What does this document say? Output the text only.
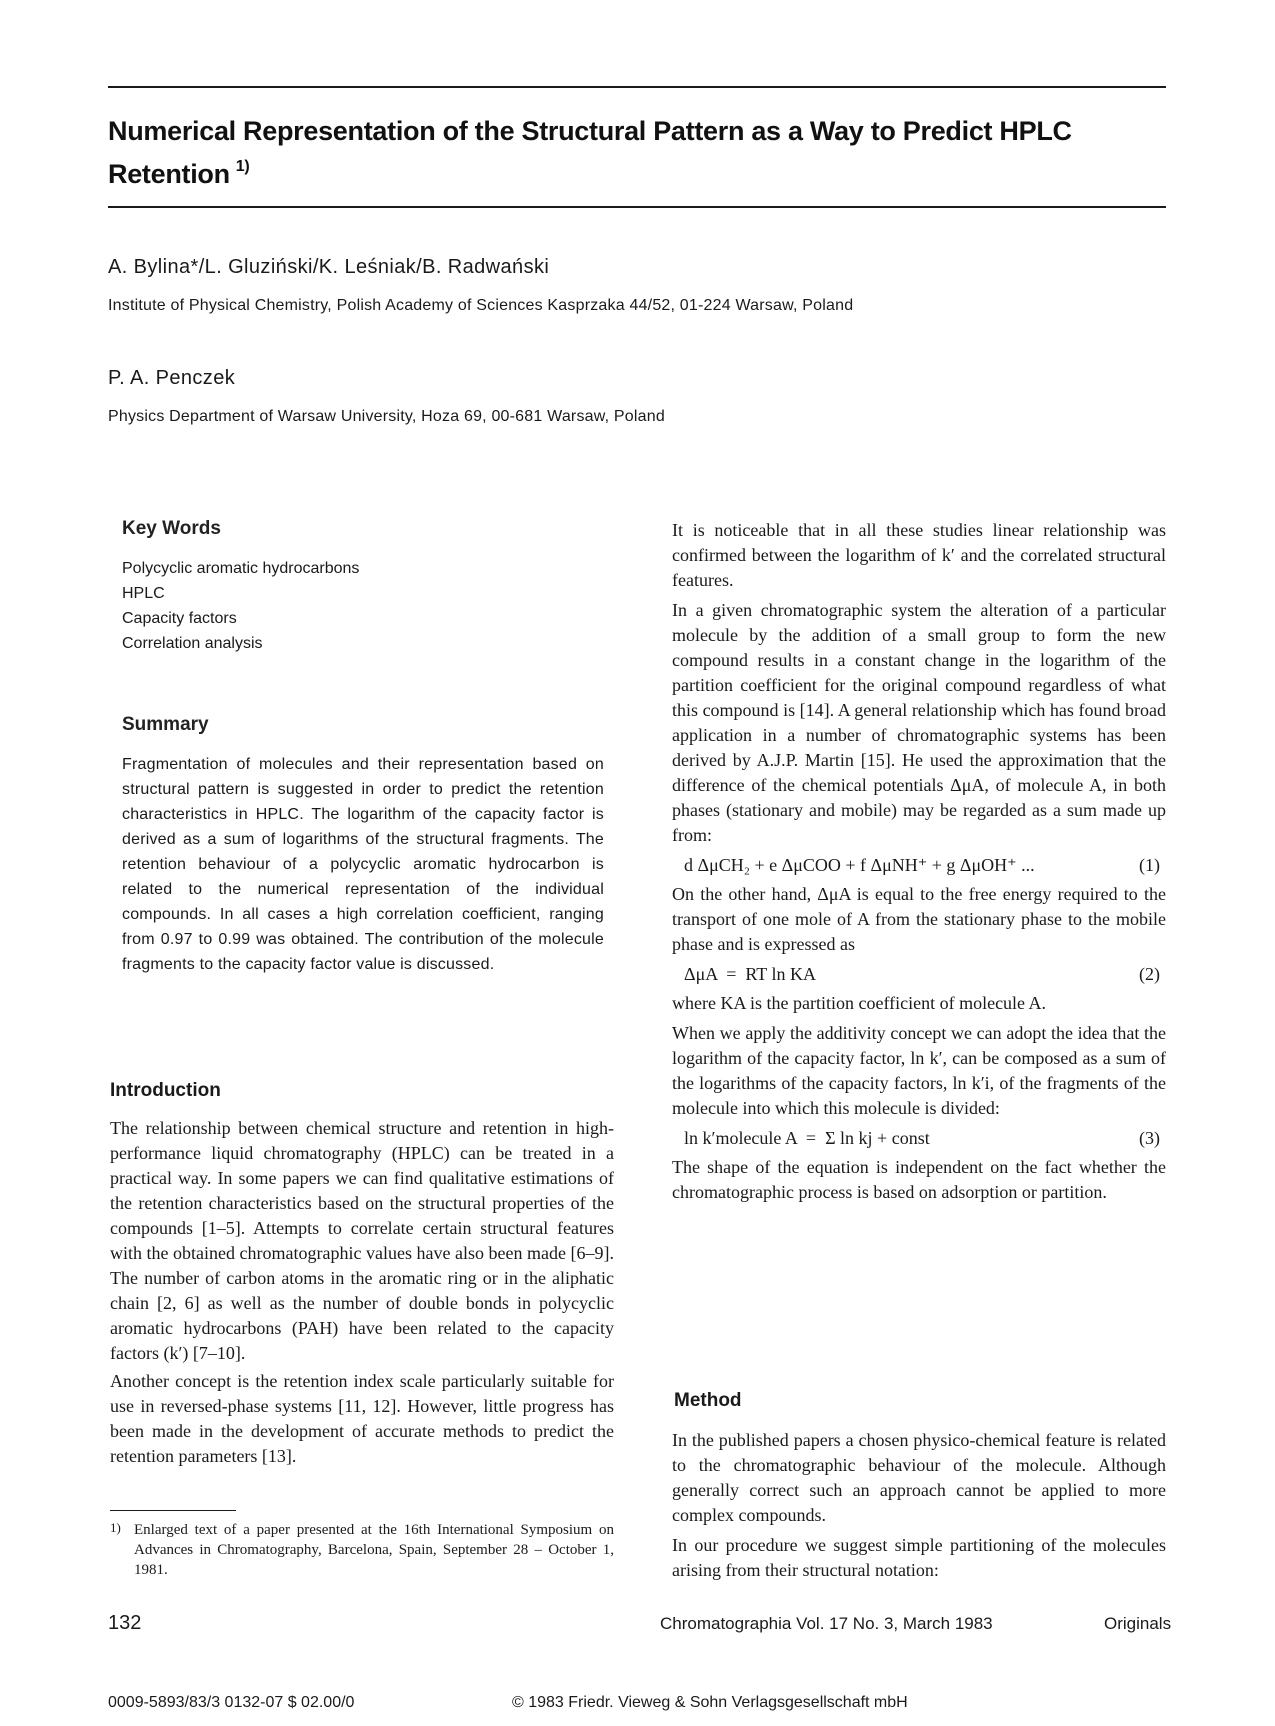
Numerical Representation of the Structural Pattern as a Way to Predict HPLC Retention $^{1)}$
A. Bylina*/L. Gluziński/K. Leśniak/B. Radwański
Institute of Physical Chemistry, Polish Academy of Sciences Kasprzaka 44/52, 01-224 Warsaw, Poland
P. A. Penczek
Physics Department of Warsaw University, Hoza 69, 00-681 Warsaw, Poland
Key Words
Polycyclic aromatic hydrocarbons
HPLC
Capacity factors
Correlation analysis
Summary

Fragmentation of molecules and their representation based on structural pattern is suggested in order to predict the retention characteristics in HPLC. The logarithm of the capacity factor is derived as a sum of logarithms of the structural fragments. The retention behaviour of a polycyclic aromatic hydrocarbon is related to the numerical representation of the individual compounds. In all cases a high correlation coefficient, ranging from 0.97 to 0.99 was obtained. The contribution of the molecule fragments to the capacity factor value is discussed.

Introduction

The relationship between chemical structure and retention in high-performance liquid chromatography (HPLC) can be treated in a practical way. In some papers we can find qualitative estimations of the retention characteristics based on the structural properties of the compounds [1–5]. Attempts to correlate certain structural features with the obtained chromatographic values have also been made [6–9]. The number of carbon atoms in the aromatic ring or in the aliphatic chain [2, 6] as well as the number of double bonds in polycyclic aromatic hydrocarbons (PAH) have been related to the capacity factors (k′) [7–10].

Another concept is the retention index scale particularly suitable for use in reversed-phase systems [11, 12]. However, little progress has been made in the development of accurate methods to predict the retention parameters [13].

1) Enlarged text of a paper presented at the 16th International Symposium on Advances in Chromatography, Barcelona, Spain, September 28 – October 1, 1981.

It is noticeable that in all these studies linear relationship was confirmed between the logarithm of k′ and the correlated structural features.

In a given chromatographic system the alteration of a particular molecule by the addition of a small group to form the new compound results in a constant change in the logarithm of the partition coefficient for the original compound regardless of what this compound is [14]. A general relationship which has found broad application in a number of chromatographic systems has been derived by A.J.P. Martin [15]. He used the approximation that the difference of the chemical potentials ΔμA, of molecule A, in both phases (stationary and mobile) may be regarded as a sum made up from:

d ΔμCH₂ + e ΔμCOO + f ΔμNH⁺ + g ΔμOH⁺ ...	(1)

On the other hand, ΔμA is equal to the free energy required to the transport of one mole of A from the stationary phase to the mobile phase and is expressed as

ΔμA  =  RT ln KA	(2)

where KA is the partition coefficient of molecule A.

When we apply the additivity concept we can adopt the idea that the logarithm of the capacity factor, ln k′, can be composed as a sum of the logarithms of the capacity factors, ln k′i, of the fragments of the molecule into which this molecule is divided:

ln k′molecule A  =  Σ ln kj + const	(3)

The shape of the equation is independent on the fact whether the chromatographic process is based on adsorption or partition.

Method

In the published papers a chosen physico-chemical feature is related to the chromatographic behaviour of the molecule. Although generally correct such an approach cannot be applied to more complex compounds.

In our procedure we suggest simple partitioning of the molecules arising from their structural notation:

132	Chromatographia Vol. 17 No. 3, March 1983	Originals
0009-5893/83/3 0132-07 $ 02.00/0	© 1983 Friedr. Vieweg & Sohn Verlagsgesellschaft mbH
